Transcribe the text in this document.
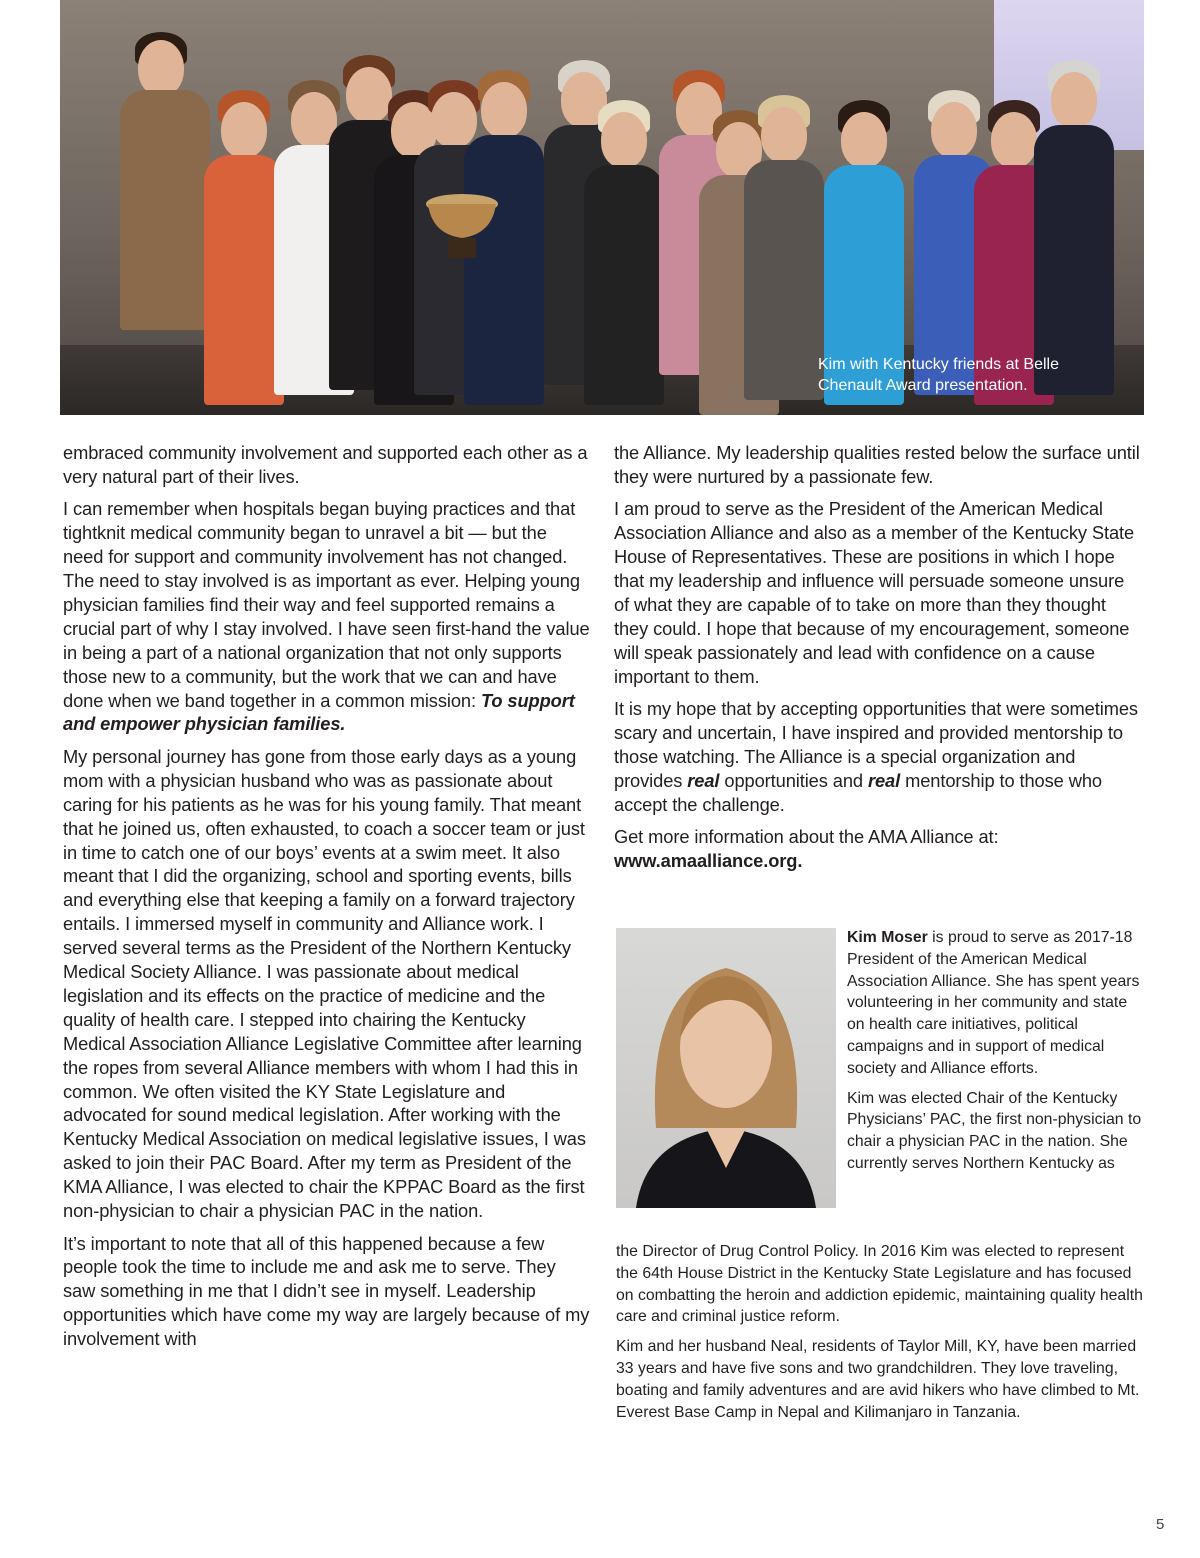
Kim with Kentucky friends at Belle
Chenault Award presentation.

embraced community involvement and supported each other as a very natural part of their lives.

I can remember when hospitals began buying practices and that tightknit medical community began to unravel a bit — but the need for support and community involvement has not changed. The need to stay involved is as important as ever. Helping young physician families find their way and feel supported remains a crucial part of why I stay involved. I have seen first-hand the value in being a part of a national organization that not only supports those new to a community, but the work that we can and have done when we band together in a common mission: To support and empower physician families.

My personal journey has gone from those early days as a young mom with a physician husband who was as passionate about caring for his patients as he was for his young family. That meant that he joined us, often exhausted, to coach a soccer team or just in time to catch one of our boys’ events at a swim meet. It also meant that I did the organizing, school and sporting events, bills and everything else that keeping a family on a forward trajectory entails. I immersed myself in community and Alliance work. I served several terms as the President of the Northern Kentucky Medical Society Alliance. I was passionate about medical legislation and its effects on the practice of medicine and the quality of health care. I stepped into chairing the Kentucky Medical Association Alliance Legislative Committee after learning the ropes from several Alliance members with whom I had this in common. We often visited the KY State Legislature and advocated for sound medical legislation. After working with the Kentucky Medical Association on medical legislative issues, I was asked to join their PAC Board. After my term as President of the KMA Alliance, I was elected to chair the KPPAC Board as the first non-physician to chair a physician PAC in the nation.

It’s important to note that all of this happened because a few people took the time to include me and ask me to serve. They saw something in me that I didn’t see in myself. Leadership opportunities which have come my way are largely because of my involvement with

the Alliance. My leadership qualities rested below the surface until they were nurtured by a passionate few.

I am proud to serve as the President of the American Medical Association Alliance and also as a member of the Kentucky State House of Representatives. These are positions in which I hope that my leadership and influence will persuade someone unsure of what they are capable of to take on more than they thought they could. I hope that because of my encouragement, someone will speak passionately and lead with confidence on a cause important to them.

It is my hope that by accepting opportunities that were sometimes scary and uncertain, I have inspired and provided mentorship to those watching. The Alliance is a special organization and provides real opportunities and real mentorship to those who accept the challenge.

Get more information about the AMA Alliance at:
www.amaalliance.org.

Kim Moser is proud to serve as 2017-18 President of the American Medical Association Alliance. She has spent years volunteering in her community and state on health care initiatives, political campaigns and in support of medical society and Alliance efforts.

Kim was elected Chair of the Kentucky Physicians’ PAC, the first non-physician to chair a physician PAC in the nation. She currently serves Northern Kentucky as

the Director of Drug Control Policy. In 2016 Kim was elected to represent the 64th House District in the Kentucky State Legislature and has focused on combatting the heroin and addiction epidemic, maintaining quality health care and criminal justice reform.

Kim and her husband Neal, residents of Taylor Mill, KY, have been married 33 years and have five sons and two grandchildren. They love traveling, boating and family adventures and are avid hikers who have climbed to Mt. Everest Base Camp in Nepal and Kilimanjaro in Tanzania.

5
